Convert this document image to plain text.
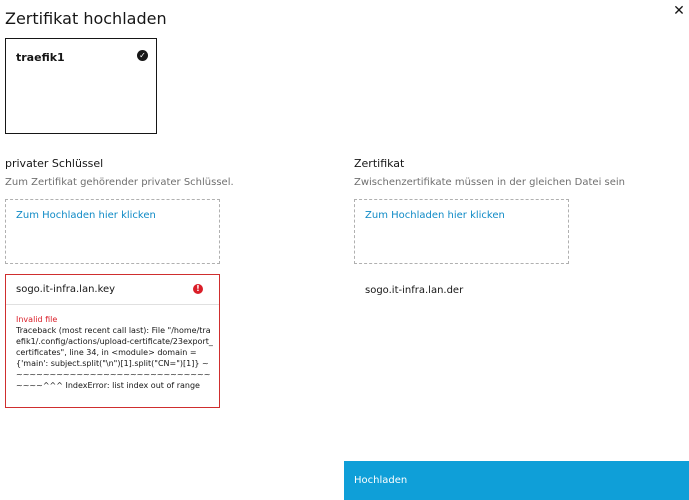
Zertifikat hochladen	✕
traefik1	✓
privater Schlüssel
Zum Zertifikat gehörender privater Schlüssel.
Zum Hochladen hier klicken
sogo.it-infra.lan.key	!
Invalid file
Traceback (most recent call last): File "/home/traefik1/.config/actions/upload-certificate/23export_certificates", line 34, in <module> domain = {'main': subject.split("\n")[1].split("CN=")[1]} ~~~~~~~~~~~~~~~~~~~~~~~~~~~~~~~~~~^^^ IndexError: list index out of range
Zertifikat
Zwischenzertifikate müssen in der gleichen Datei sein
Zum Hochladen hier klicken
sogo.it-infra.lan.der
Hochladen
